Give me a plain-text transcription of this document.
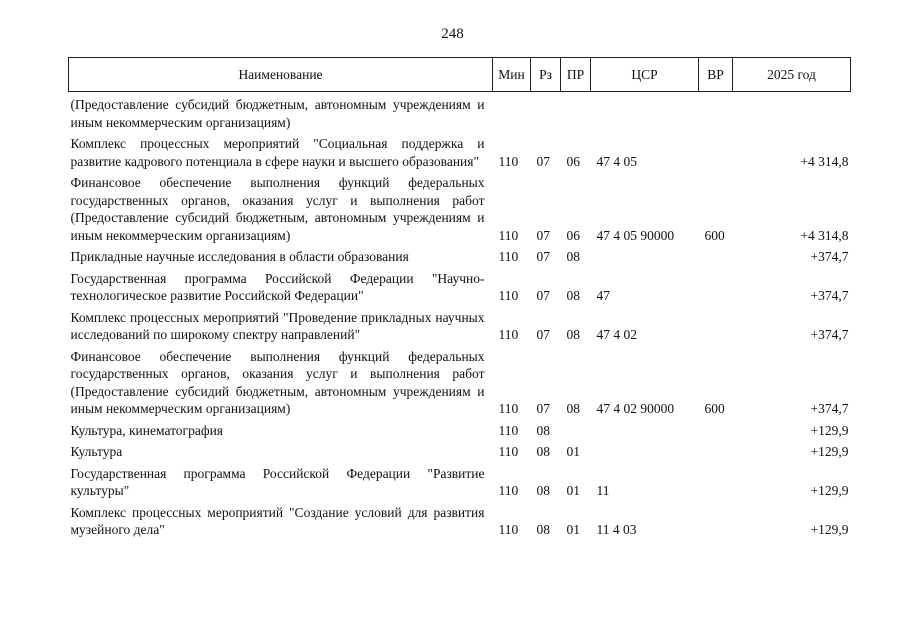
248
Наименование	Мин	Рз	ПР	ЦСР	ВР	2025 год
(Предоставление субсидий бюджетным, автономным учреждениям и иным некоммерческим организациям)						
Комплекс процессных мероприятий "Социальная поддержка и развитие кадрового потенциала в сфере науки и высшего образования"	110	07	06	47 4 05		+4 314,8
Финансовое обеспечение выполнения функций федеральных государственных органов, оказания услуг и выполнения работ (Предоставление субсидий бюджетным, автономным учреждениям и иным некоммерческим организациям)	110	07	06	47 4 05 90000	600	+4 314,8
Прикладные научные исследования в области образования	110	07	08			+374,7
Государственная программа Российской Федерации "Научно-технологическое развитие Российской Федерации"	110	07	08	47		+374,7
Комплекс процессных мероприятий "Проведение прикладных научных исследований по широкому спектру направлений"	110	07	08	47 4 02		+374,7
Финансовое обеспечение выполнения функций федеральных государственных органов, оказания услуг и выполнения работ (Предоставление субсидий бюджетным, автономным учреждениям и иным некоммерческим организациям)	110	07	08	47 4 02 90000	600	+374,7
Культура, кинематография	110	08				+129,9
Культура	110	08	01			+129,9
Государственная программа Российской Федерации "Развитие культуры"	110	08	01	11		+129,9
Комплекс процессных мероприятий "Создание условий для развития музейного дела"	110	08	01	11 4 03		+129,9
